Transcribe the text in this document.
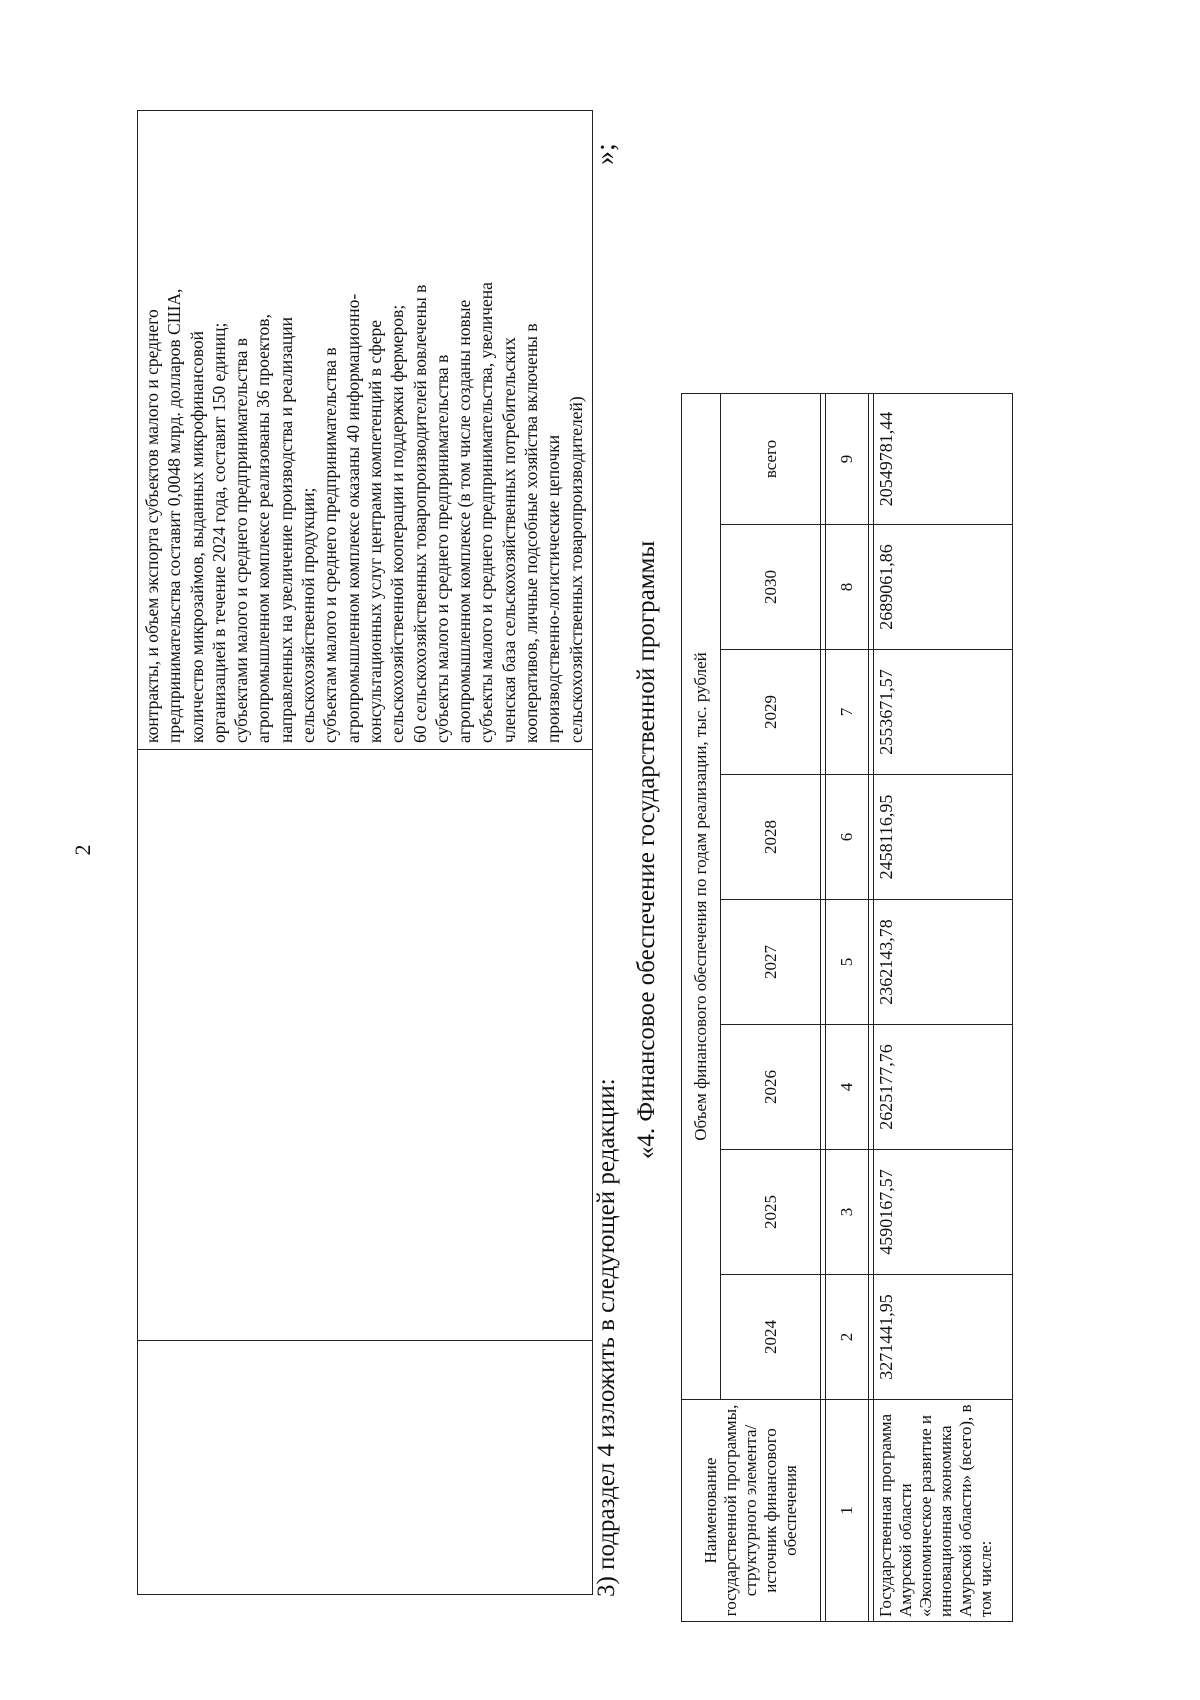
2

контракты, и объем экспорта субъектов малого и среднего предпринимательства составит 0,0048 млрд. долларов США, количество микрозаймов, выданных микрофинансовой организацией в течение 2024 года, составит 150 единиц; субъектами малого и среднего предпринимательства в агропромышленном комплексе реализованы 36 проектов, направленных на увеличение производства и реализации сельскохозяйственной продукции; субъектам малого и среднего предпринимательства в агропромышленном комплексе оказаны 40 информационно- консультационных услуг центрами компетенций в сфере сельскохозяйственной кооперации и поддержки фермеров; 60 сельскохозяйственных товаропроизводителей вовлечены в субъекты малого и среднего предпринимательства в агропромышленном комплексе (в том числе созданы новые субъекты малого и среднего предпринимательства, увеличена членская база сельскохозяйственных потребительских кооперативов, личные подсобные хозяйства включены в производственно-логистические цепочки сельскохозяйственных товаропроизводителей)
»;
3) подраздел 4 изложить в следующей редакции:
«4. Финансовое обеспечение государственной программы
Наименование государственной программы, структурного элемента/источник финансового обеспечения	Объем финансового обеспечения по годам реализации, тыс. рублей							
	2024	2025	2026	2027	2028	2029	2030	всего

1	2	3	4	5	6	7	8	9

Государственная программа Амурской области «Экономическое развитие и инновационная экономика Амурской области» (всего), в том числе:	3271441,95	4590167,57	2625177,76	2362143,78	2458116,95	2553671,57	2689061,86	20549781,44
